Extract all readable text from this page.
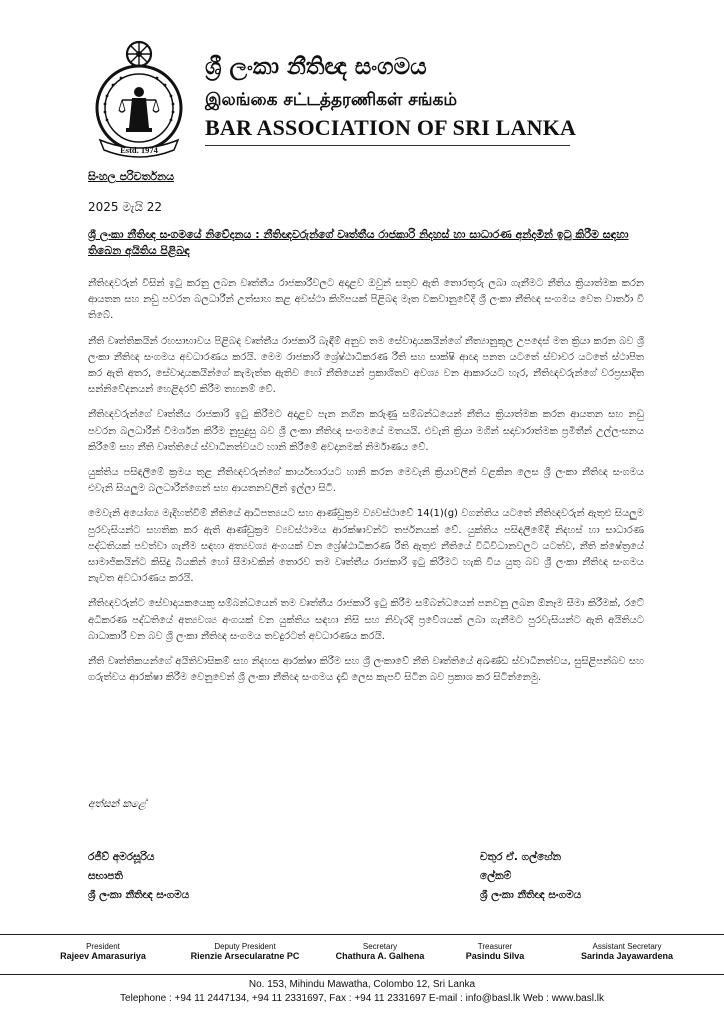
Estd. 1974
ශ්‍රී ලංකා නීතිඥ සංගමය
இலங்கை சட்டத்தரணிகள் சங்கம்
BAR ASSOCIATION OF SRI LANKA
සිංහල පරිවර්තනය
2025 මැයි 22
ශ්‍රී ලංකා නීතිඥ සංගමයේ නිවේදනය : නීතිඥවරුන්ගේ වෘත්තීය රාජකාරි නිදහස් හා සාධාරණ අන්දමින් ඉටු කිරීම සඳහා තිබෙන අයිතිය පිළිබඳ

නීතිඥවරුන් විසින් ඉටු කරනු ලබන වෘත්තීය රාජකාරීවලට අදාළව ඔවුන් සතුව ඇති තොරතුරු ලබා ගැනීමට නීතිය ක්‍රියාත්මක කරන ආයතන සහ නඩු පවරන බලධාරීන් උත්සාහ කළ අවස්ථා කිහිපයක් පිළිබඳ මෑත වකවානුවේදී ශ්‍රී ලංකා නීතිඥ සංගමය වෙත වාර්තා වී තිබේ.

නීති වෘත්තිකයින් රහසාභාවය පිළිබඳ වෘත්තීය රාජකාරි බැඳීම් අනුව තම සේවාදායකයින්ගේ නීත්‍යානුකූල උපදෙස් මත ක්‍රියා කරන බව ශ්‍රී ලංකා නීතිඥ සංගමය අවධාරණය කරයි. මෙම රාජකාරි ශ්‍රේෂ්ඨාධිකරණ රීති සහ සාක්ෂි ආඥා පනත යටතේ ස්වාවර යටතේ ස්ථාපිත කර ඇති අතර, සේවාදායකයින්ගේ කැමැත්ත ඇතිව හෝ නීතියෙන් ප්‍රකාශිතව අවශ්‍ය වන ආකාරයට හැර, නීතිඥවරුන්ගේ වරප්‍රසාදිත සන්නිවේදනයන් හෙළිදරව් කිරීම තහනම් වේ.

නීතිඥවරුන්ගේ වෘත්තීය රාජකාරි ඉටු කිරීමට අදාළව පැන නගින කරුණු සම්බන්ධයෙන් නීතිය ක්‍රියාත්මක කරන ආයතන සහ නඩු පවරන බලධාරීන් විමර්ශන කිරීම නුසුදුසු බව ශ්‍රී ලංකා නීතිඥ සංගමයේ මතයයි. එවැනි ක්‍රියා මගින් සදාචාරාත්මක ප්‍රමිතීන් උල්ලංඝනය කිරීමේ සහ නීති වෘත්තියේ ස්වාධීනත්වයට හානි කිරීමේ අවදානමක් නිර්මාණය වේ.

යුක්තිය පසිඳලීමේ ක්‍රමය තුළ නීතිඥවරුන්ගේ කාර්යභාරයට හානි කරන මෙවැනි ක්‍රියාවලින් වළකින ලෙස ශ්‍රී ලංකා නීතිඥ සංගමය එවැනි සියලුම බලධාරීන්ගෙන් සහ ආයතනවලින් ඉල්ලා සිටී.

මෙවැනි අයෝග්‍ය මැදිහත්වීම් නීතියේ ආධිපත්‍යයට සහ ආණ්ඩුක්‍රම ව්‍යවස්ථාවේ 14(1)(g) වගන්තිය යටතේ නීතිඥවරුන් ඇතුළු සියලුම පුරවැසියන්ට සහතික කර ඇති ආණ්ඩුක්‍රම ව්‍යවස්ථාමය ආරක්ෂාවන්ට තර්ජනයක් වේ. යුක්තිය පසිඳලීමේදී නිදහස් හා සාධාරණ පද්ධතියක් පවත්වා ගැනීම සඳහා අත්‍යවශ්‍ය අංගයක් වන ශ්‍රේෂ්ඨාධිකරණ රීති ඇතුළු නීතියේ විධිවිධානවලට යටත්ව, නීති ක්ෂේත්‍රයේ සාමාජිකයින්ට කිසිදු බියකින් හෝ සීමාවකින් තොරව තම වෘත්තීය රාජකාරි ඉටු කිරීමට හැකි විය යුතු බව ශ්‍රී ලංකා නීතිඥ සංගමය නැවත අවධාරණය කරයි.

නීතිඥවරුන්ට සේවාදායකයෙකු සම්බන්ධයෙන් තම වෘත්තීය රාජකාරි ඉටු කිරීම සම්බන්ධයෙන් පනවනු ලබන ඕනෑම සීමා කිරීමක්, රටේ අධිකරණ පද්ධතියේ අත්‍යවශ්‍ය අංගයක් වන යුක්තිය සඳහා නිසි සහ නිවැරදි ප්‍රවේශයක් ලබා ගැනීමට පුරවැසියන්ට ඇති අයිතියට බාධාකාරී වන බව ශ්‍රී ලංකා නීතිඥ සංගමය තවදුරටත් අවධාරණය කරයි.

නීති වෘත්තිකයන්ගේ අයිතිවාසිකම් සහ නිදහස ආරක්ෂා කිරීම සහ ශ්‍රී ලංකාවේ නීති වෘත්තියේ අඛණ්ඩ ස්වාධීනත්වය, සුසිළිපන්බව සහ ගරුත්වය ආරක්ෂා කිරීම වෙනුවෙන් ශ්‍රී ලංකා නීතිඥ සංගමය දැඩි ලෙස කැපවී සිටින බව ප්‍රකාශ කර සිටින්නෙමු.

අත්සන් කළේ
රජීව් අමරසූරිය
සභාපති
ශ්‍රී ලංකා නීතිඥ සංගමය
චතුර ඒ. ගල්හේන
ලේකම්
ශ්‍රී ලංකා නීතිඥ සංගමය
President
Rajeev Amarasuriya
Deputy President
Rienzie Arsecularatne PC
Secretary
Chathura A. Galhena
Treasurer
Pasindu Silva
Assistant Secretary
Sarinda Jayawardena
No. 153, Mihindu Mawatha, Colombo 12, Sri Lanka
Telephone : +94 11 2447134, +94 11 2331697, Fax : +94 11 2331697 E-mail : info@basl.lk Web : www.basl.lk
